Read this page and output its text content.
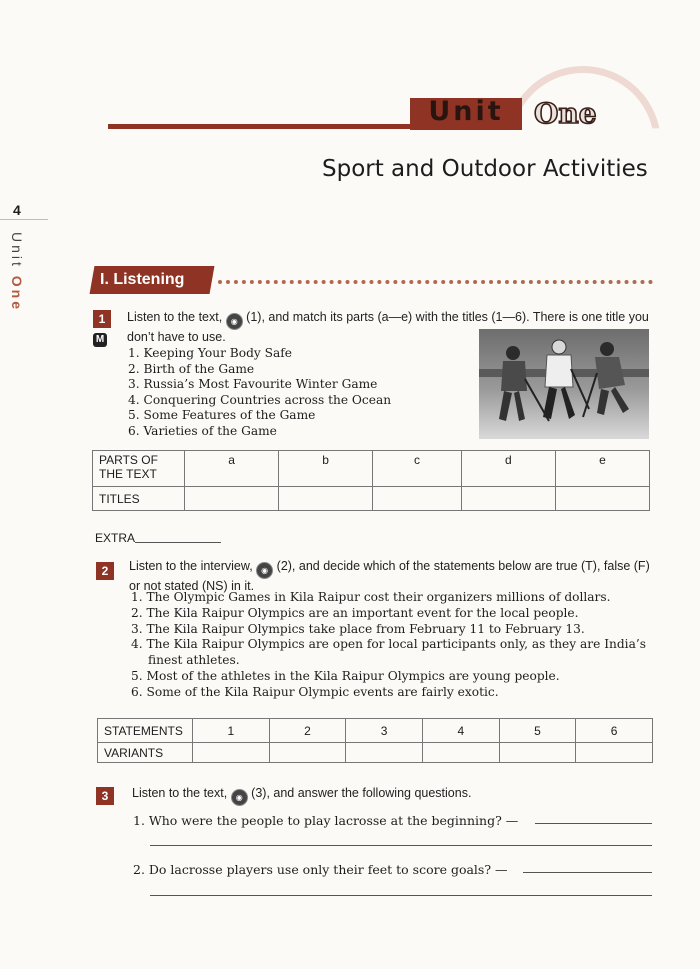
Unit	One
Sport and Outdoor Activities
4
Unit One	I. Listening
1
M
Listen to the text, ◉ (1), and match its parts (a—e) with the titles (1—6). There is one title you don’t have to use.
1. Keeping Your Body Safe
2. Birth of the Game
3. Russia’s Most Favourite Winter Game
4. Conquering Countries across the Ocean
5. Some Features of the Game
6. Varieties of the Game
PARTS OF THE TEXT	a	b	c	d	e
TITLES					
EXTRA
2	Listen to the interview, ◉ (2), and decide which of the statements below are true (T), false (F) or not stated (NS) in it.
1. The Olympic Games in Kila Raipur cost their organizers millions of dollars.
2. The Kila Raipur Olympics are an important event for the local people.
3. The Kila Raipur Olympics take place from February 11 to February 13.
4. The Kila Raipur Olympics are open for local participants only, as they are India’s finest athletes.
5. Most of the athletes in the Kila Raipur Olympics are young people.
6. Some of the Kila Raipur Olympic events are fairly exotic.
STATEMENTS	1	2	3	4	5	6
VARIANTS						
3	Listen to the text, ◉ (3), and answer the following questions.
1. Who were the people to play lacrosse at the beginning? —
2. Do lacrosse players use only their feet to score goals? —
